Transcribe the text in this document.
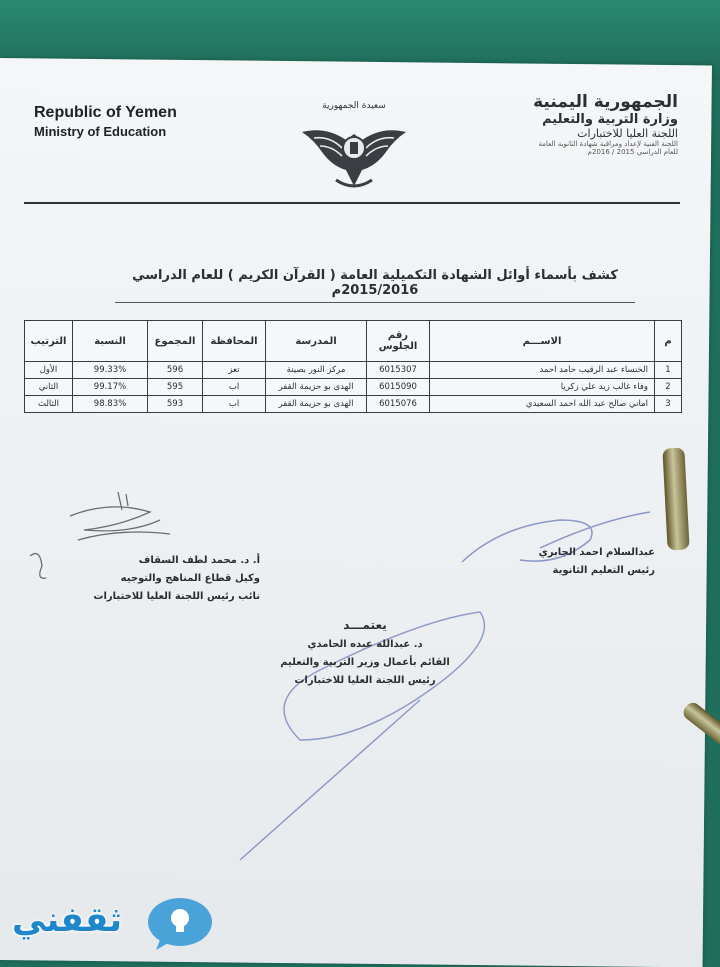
Republic of Yemen
Ministry of Education
سعيدة الجمهورية	الجمهورية اليمنية
وزارة التربية والتعليم
اللجنة العليا للاختبارات
اللجنة الفنية لإعداد ومراقبة شهادة الثانوية العامة
للعام الدراسي 2015 / 2016م
كشف بأسماء أوائل الشهادة التكميلية العامة ( القرآن الكريم ) للعام الدراسي 2015/2016م
م	الاســـم	رقم الجلوس	المدرسة	المحافظة	المجموع	النسبة	الترتيب
1	الخنساء عبد الرقيب حامد احمد	6015307	مركز النور بصينة	تعز	596	99.33%	الأول
2	وفاء غالب زيد علي زكريا	6015090	الهدى بو حزيمة القفر	اب	595	99.17%	الثاني
3	اماني صالح عبد الله احمد السعيدي	6015076	الهدى بو حزيمة القفر	اب	593	98.83%	الثالث
أ. د. محمد لطف السقاف
وكيل قطاع المناهج والتوجيه
نائب رئيس اللجنة العليا للاختبارات
عبدالسلام احمد الجابري
رئيس التعليم الثانوية
يعتمـــد
د. عبدالله عبده الحامدي
القائم بأعمال وزير التربية والتعليم
رئيس اللجنة العليا للاختبارات
ثقفني
